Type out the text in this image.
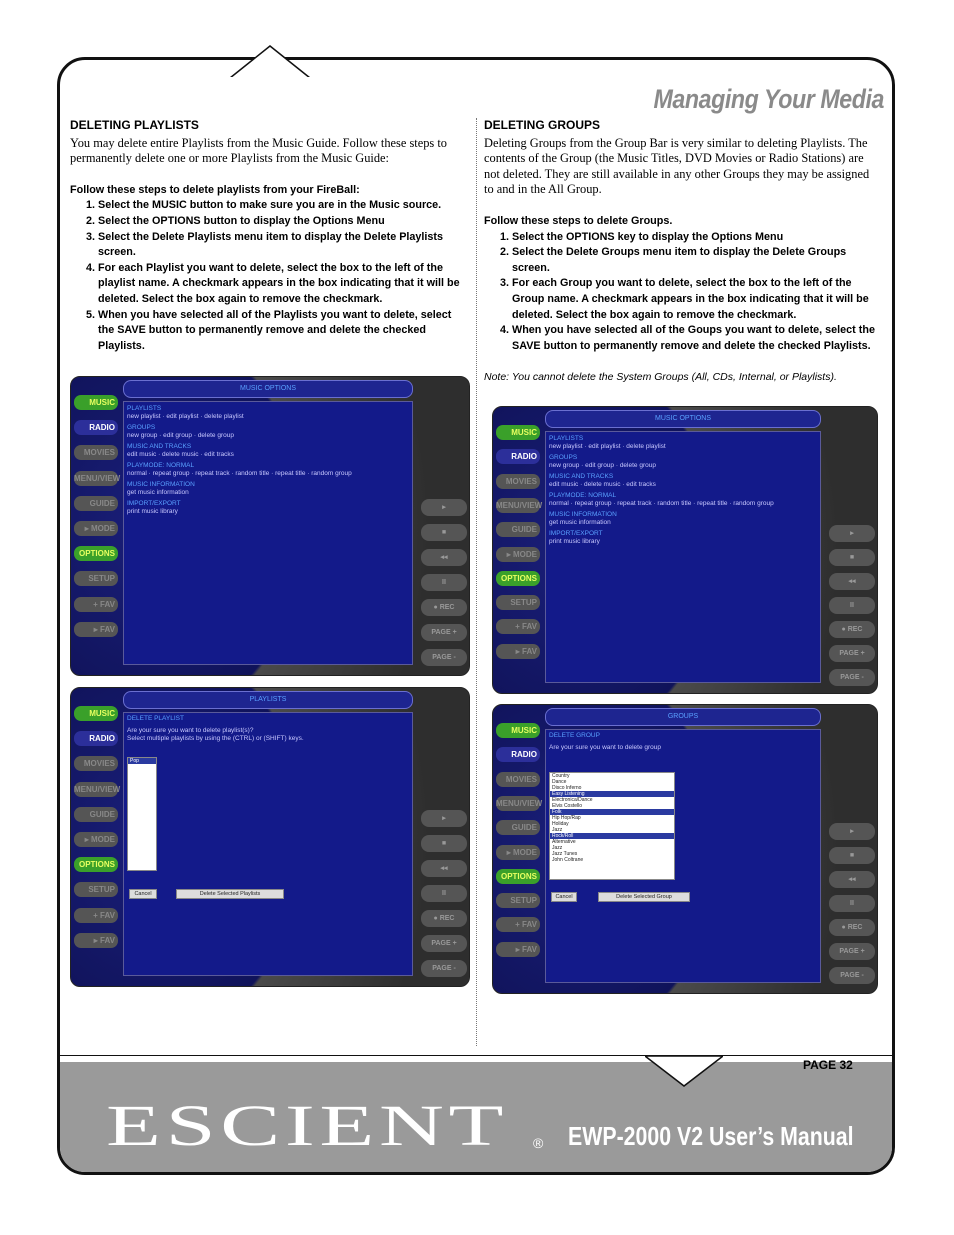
Managing Your Media
DELETING PLAYLISTS

You may delete entire Playlists from the Music Guide. Follow these steps to permanently delete one or more Playlists from the Music Guide:

Follow these steps to delete playlists from your FireBall:
1. Select the MUSIC button to make sure you are in the Music source.
2. Select the OPTIONS button to display the Options Menu
3. Select the Delete Playlists menu item to display the Delete Playlists screen.
4. For each Playlist you want to delete, select the box to the left of the playlist name. A checkmark appears in the box indicating that it will be deleted. Select the box again to remove the checkmark.
5. When you have selected all of the Playlists you want to delete, select the SAVE button to permanently remove and delete the checked Playlists.
DELETING GROUPS

Deleting Groups from the Group Bar is very similar to deleting Playlists. The contents of the Group (the Music Titles, DVD Movies or Radio Stations) are not deleted. They are still available in any other Groups they may be assigned to and in the All Group.

Follow these steps to delete Groups.
1. Select the OPTIONS key to display the Options Menu
2. Select the Delete Groups menu item to display the Delete Groups screen.
3. For each Group you want to delete, select the box to the left of the Group name. A checkmark appears in the box indicating that it will be deleted. Select the box again to remove the checkmark.
4. When you have selected all of the Goups you want to delete, select the SAVE button to permanently remove and delete the checked Playlists.
Note: You cannot delete the System Groups (All, CDs, Internal, or Playlists).
MUSIC OPTIONS
PLAYLISTS
new playlist · edit playlist · delete playlist
GROUPS
new group · edit group · delete group
MUSIC AND TRACKS
edit music · delete music · edit tracks
PLAYMODE: NORMAL
normal · repeat group · repeat track · random title · repeat title · random group
MUSIC INFORMATION
get music information
IMPORT/EXPORT
print music library
MUSIC
RADIO
MOVIES
MENU/VIEW
GUIDE
▸ MODE
OPTIONS
SETUP
+ FAV
▸ FAV
▸
■
◂◂
II
● REC
PAGE +
PAGE -
MUSIC OPTIONS
PLAYLISTS
new playlist · edit playlist · delete playlist
GROUPS
new group · edit group · delete group
MUSIC AND TRACKS
edit music · delete music · edit tracks
PLAYMODE: NORMAL
normal · repeat group · repeat track · random title · repeat title · random group
MUSIC INFORMATION
get music information
IMPORT/EXPORT
print music library
MUSIC
RADIO
MOVIES
MENU/VIEW
GUIDE
▸ MODE
OPTIONS
SETUP
+ FAV
▸ FAV
▸
■
◂◂
II
● REC
PAGE +
PAGE -
PLAYLISTS
DELETE PLAYLIST
Are your sure you want to delete playlist(s)?
Select multiple playlists by using the (CTRL) or (SHIFT) keys.
Pop
Cancel	Delete Selected Playlists
MUSIC
RADIO
MOVIES
MENU/VIEW
GUIDE
▸ MODE
OPTIONS
SETUP
+ FAV
▸ FAV
▸
■
◂◂
II
● REC
PAGE +
PAGE -
GROUPS
DELETE GROUP
Are your sure you want to delete group
Country
Dance
Disco Inferno
Easy Listening
Electronica/Dance
Elvis Costello
Folk
Hip Hop/Rap
Holiday
Jazz
Rock/Roll
Alternative
Jazz
Jazz Tunes
John Coltrane
Cancel	Delete Selected Group
MUSIC
RADIO
MOVIES
MENU/VIEW
GUIDE
▸ MODE
OPTIONS
SETUP
+ FAV
▸ FAV
▸
■
◂◂
II
● REC
PAGE +
PAGE -
PAGE 32
ESCIENT ® EWP-2000 V2 User’s Manual
